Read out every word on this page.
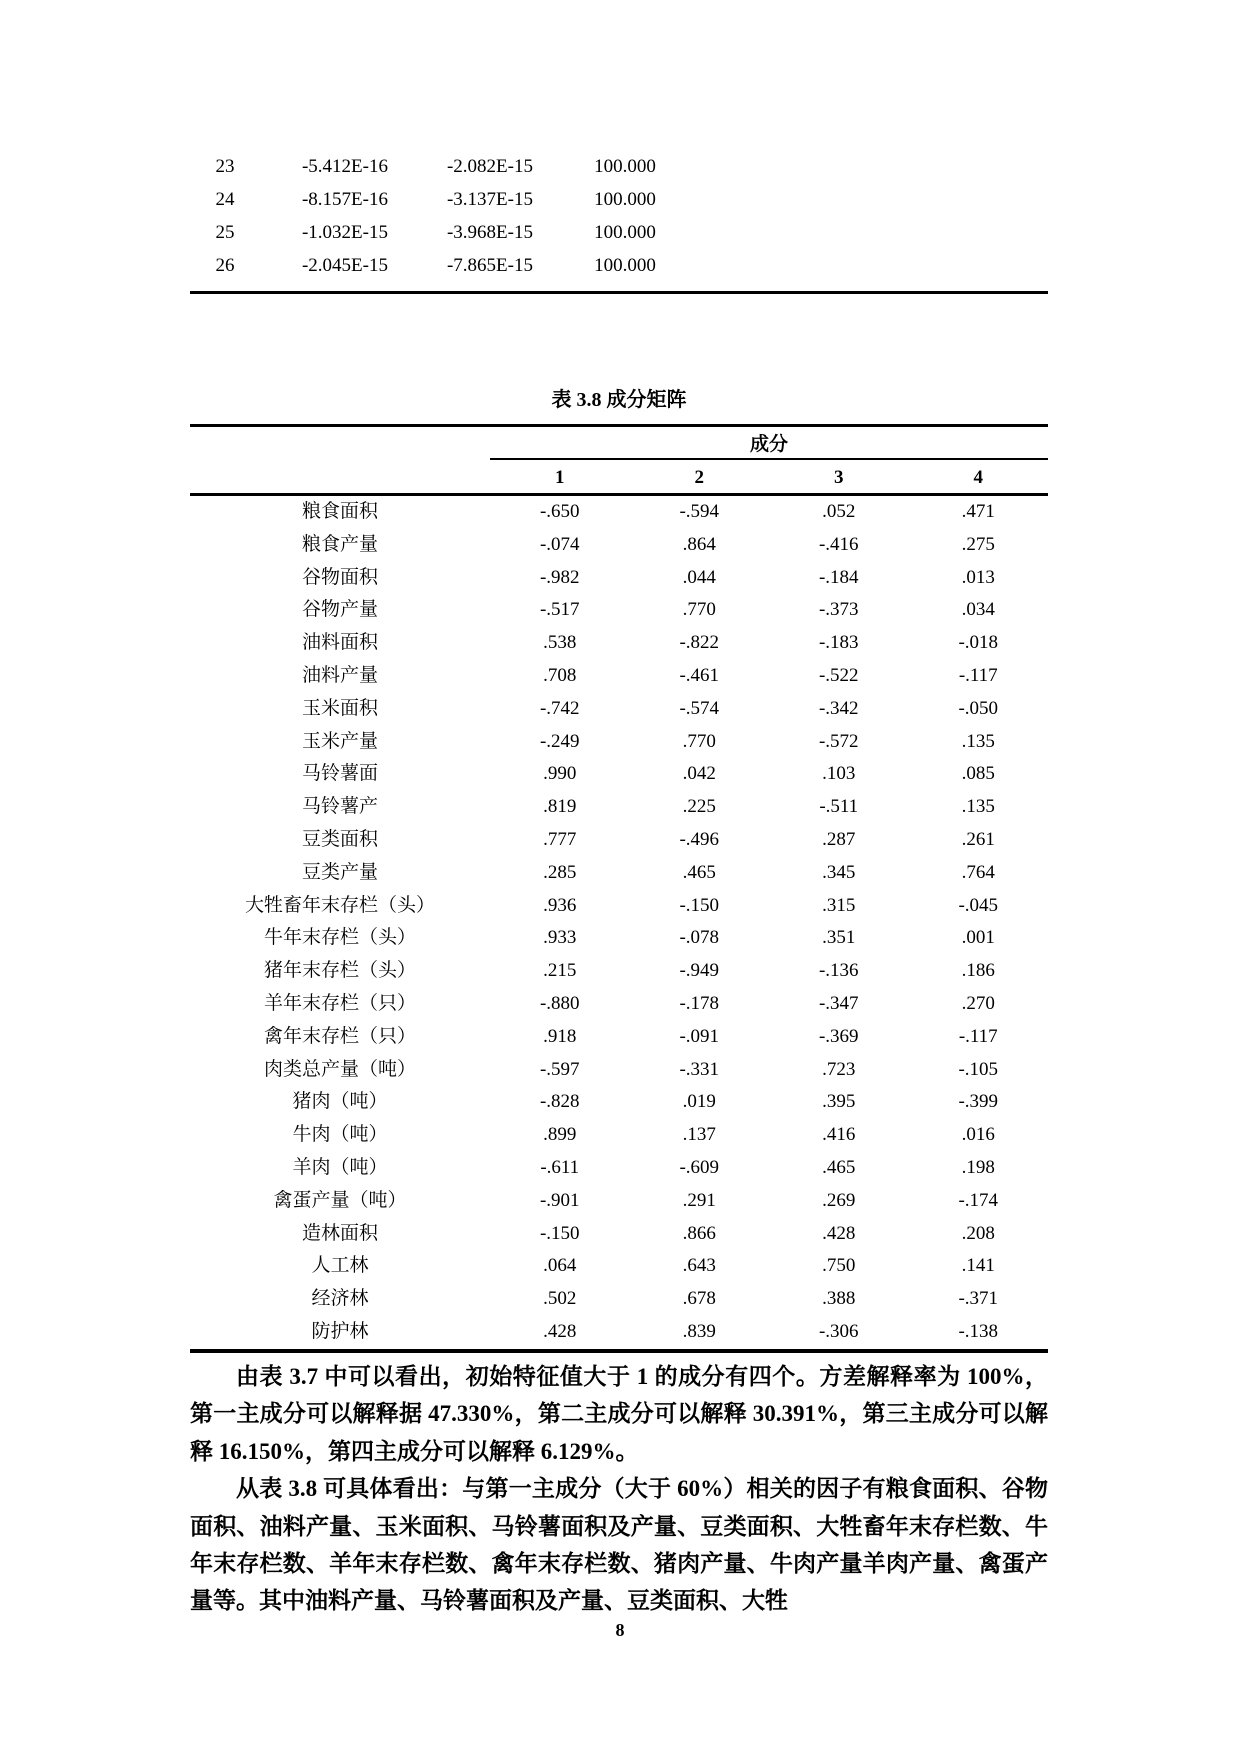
23	-5.412E-16	-2.082E-15	100.000
24	-8.157E-16	-3.137E-15	100.000
25	-1.032E-15	-3.968E-15	100.000
26	-2.045E-15	-7.865E-15	100.000
表 3.8 成分矩阵
成分
1	2	3	4
粮食面积	-.650	-.594	.052	.471
粮食产量	-.074	.864	-.416	.275
谷物面积	-.982	.044	-.184	.013
谷物产量	-.517	.770	-.373	.034
油料面积	.538	-.822	-.183	-.018
油料产量	.708	-.461	-.522	-.117
玉米面积	-.742	-.574	-.342	-.050
玉米产量	-.249	.770	-.572	.135
马铃薯面	.990	.042	.103	.085
马铃薯产	.819	.225	-.511	.135
豆类面积	.777	-.496	.287	.261
豆类产量	.285	.465	.345	.764
大牲畜年末存栏（头）	.936	-.150	.315	-.045
牛年末存栏（头）	.933	-.078	.351	.001
猪年末存栏（头）	.215	-.949	-.136	.186
羊年末存栏（只）	-.880	-.178	-.347	.270
禽年末存栏（只）	.918	-.091	-.369	-.117
肉类总产量（吨）	-.597	-.331	.723	-.105
猪肉（吨）	-.828	.019	.395	-.399
牛肉（吨）	.899	.137	.416	.016
羊肉（吨）	-.611	-.609	.465	.198
禽蛋产量（吨）	-.901	.291	.269	-.174
造林面积	-.150	.866	.428	.208
人工林	.064	.643	.750	.141
经济林	.502	.678	.388	-.371
防护林	.428	.839	-.306	-.138

由表 3.7 中可以看出，初始特征值大于 1 的成分有四个。方差解释率为 100%，第一主成分可以解释据 47.330%，第二主成分可以解释 30.391%，第三主成分可以解释 16.150%，第四主成分可以解释 6.129%。

从表 3.8 可具体看出：与第一主成分（大于 60%）相关的因子有粮食面积、谷物面积、油料产量、玉米面积、马铃薯面积及产量、豆类面积、大牲畜年末存栏数、牛年末存栏数、羊年末存栏数、禽年末存栏数、猪肉产量、牛肉产量羊肉产量、禽蛋产量等。其中油料产量、马铃薯面积及产量、豆类面积、大牲

8
